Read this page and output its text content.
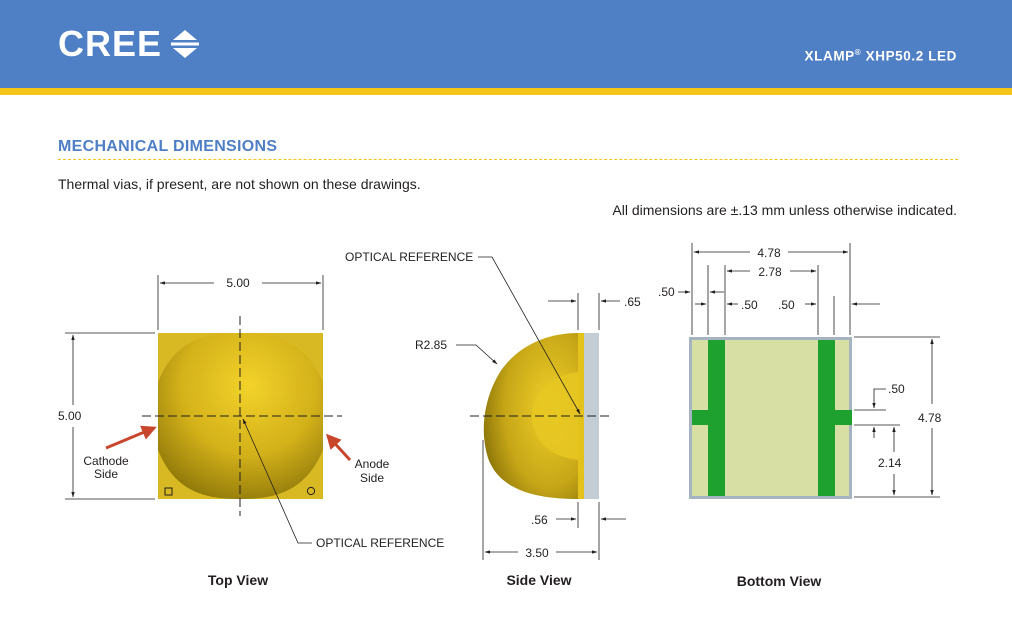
CREE	XLAMP® XHP50.2 LED
MECHANICAL DIMENSIONS
Thermal vias, if present, are not shown on these drawings.
All dimensions are ±.13 mm unless otherwise indicated.
5.00
5.00
Cathode
Side
Anode
Side
OPTICAL REFERENCE
.65
.56
3.50
R2.85
OPTICAL REFERENCE	4.78
2.78
.50
.50 .50
4.78
.50
2.14
Top View	Side View	Bottom View
